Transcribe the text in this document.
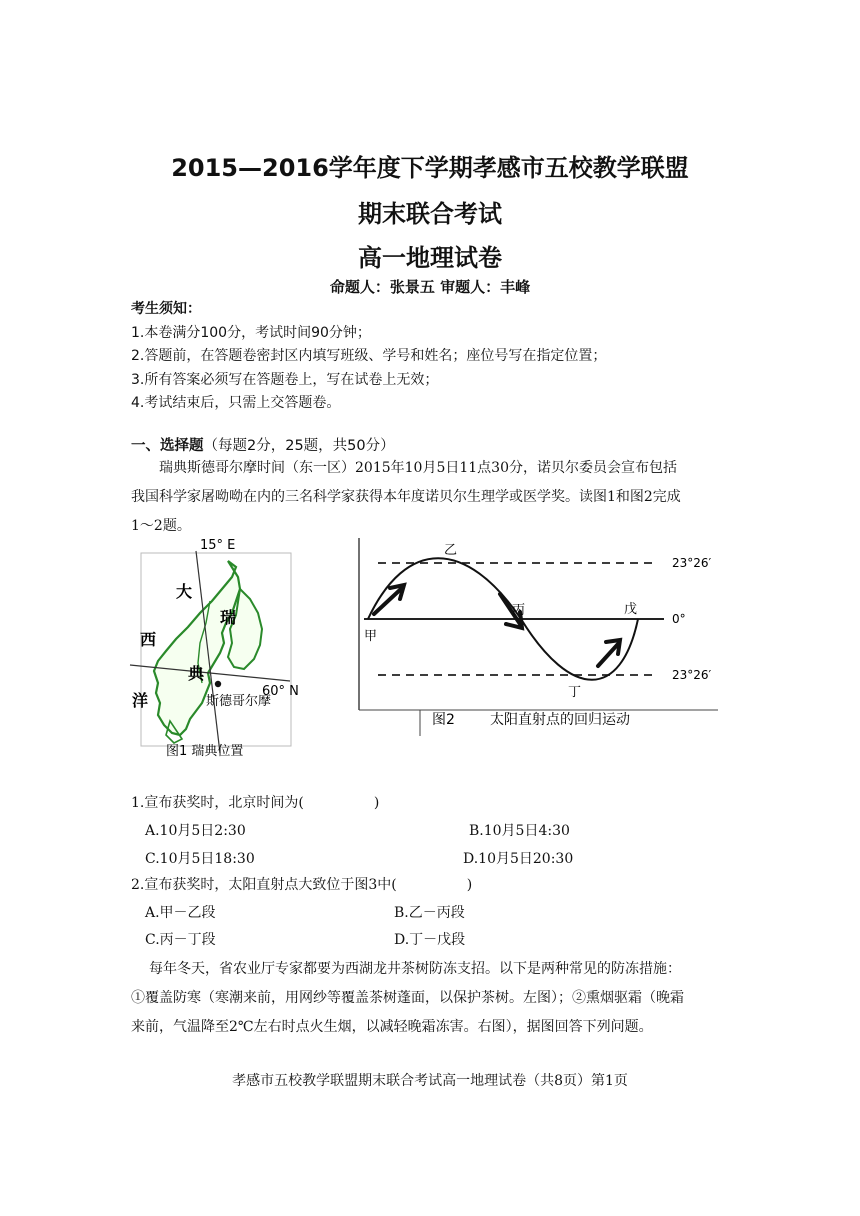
2015—2016学年度下学期孝感市五校教学联盟
期末联合考试
高一地理试卷
命题人：张景五 审题人：丰峰
考生须知：
1.本卷满分100分，考试时间90分钟；
2.答题前，在答题卷密封区内填写班级、学号和姓名；座位号写在指定位置；
3.所有答案必须写在答题卷上，写在试卷上无效；
4.考试结束后，只需上交答题卷。
一、选择题（每题2分，25题，共50分）
瑞典斯德哥尔摩时间（东一区）2015年10月5日11点30分，诺贝尔委员会宣布包括
我国科学家屠呦呦在内的三名科学家获得本年度诺贝尔生理学或医学奖。读图1和图2完成
1～2题。
15° E
大
瑞
西
典
洋	斯德哥尔摩
60° N
图1 瑞典位置
23°26′
0°
23°26′
甲
乙
丙
丁
戊
图2	太阳直射点的回归运动
1.宣布获奖时，北京时间为(　　　　　)
A.10月5日2:30	B.10月5日4:30
C.10月5日18:30	D.10月5日20:30
2.宣布获奖时，太阳直射点大致位于图3中(　　　　　)
A.甲－乙段	B.乙－丙段
C.丙－丁段	D.丁－戊段
每年冬天，省农业厅专家都要为西湖龙井茶树防冻支招。以下是两种常见的防冻措施：
①覆盖防寒（寒潮来前，用网纱等覆盖茶树蓬面，以保护茶树。左图）；②熏烟驱霜（晚霜
来前，气温降至2℃左右时点火生烟，以减轻晚霜冻害。右图），据图回答下列问题。
孝感市五校教学联盟期末联合考试高一地理试卷（共8页）第1页
